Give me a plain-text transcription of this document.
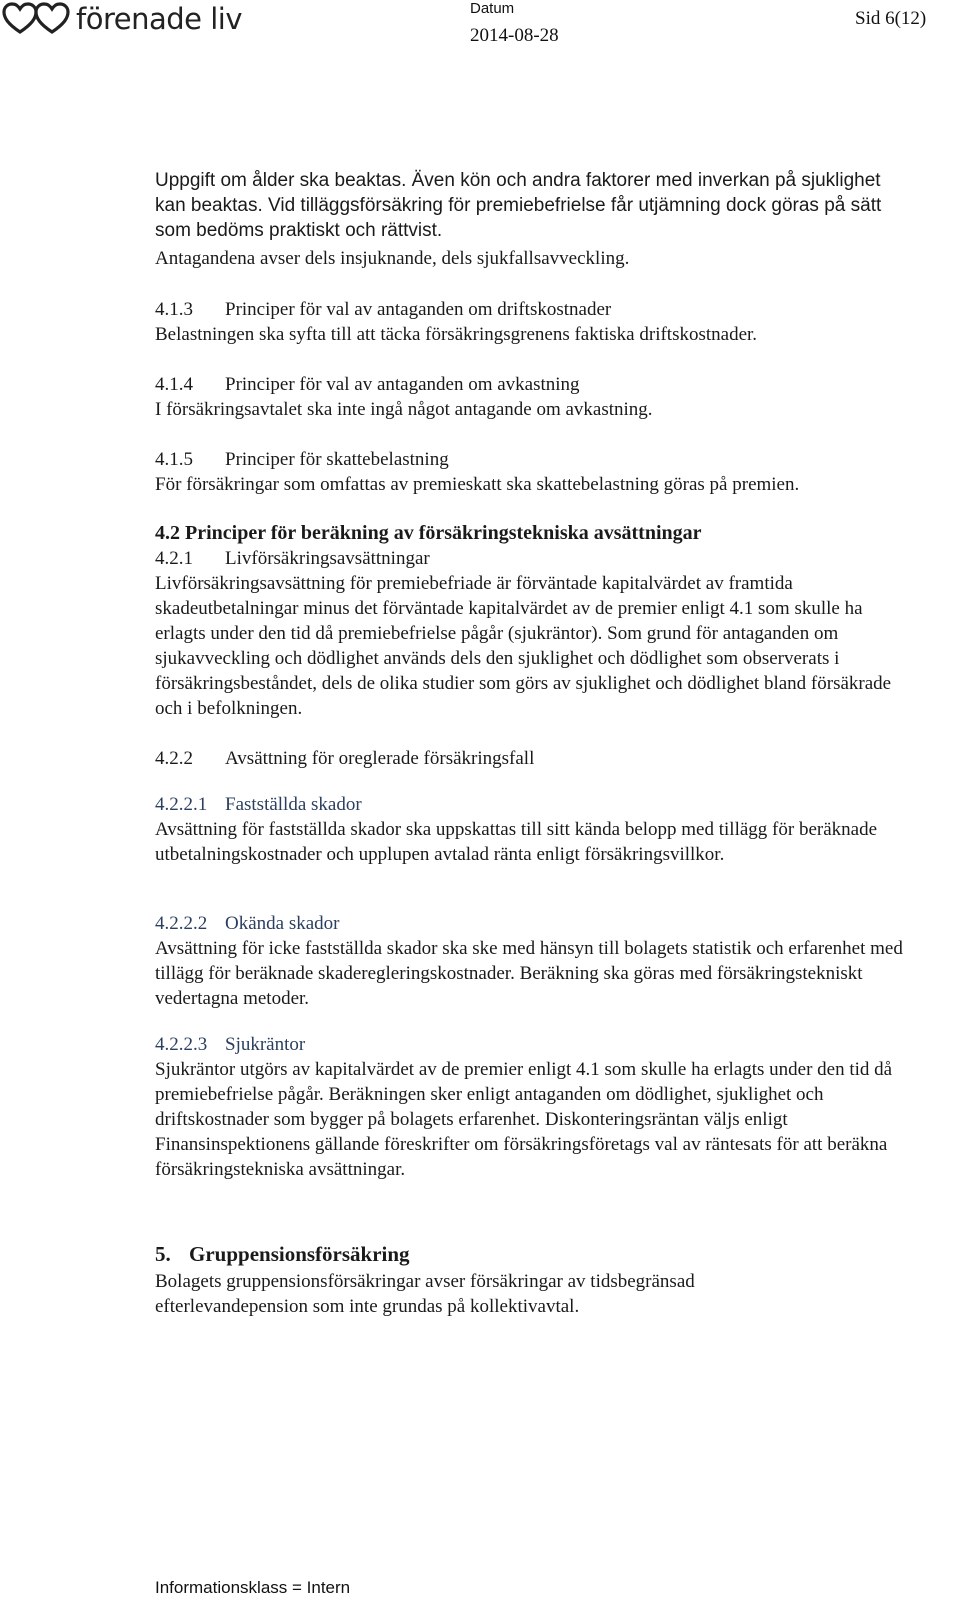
förenade liv	Datum
2014-08-28
Sid 6(12)
Uppgift om ålder ska beaktas. Även kön och andra faktorer med inverkan på sjuklighet kan beaktas. Vid tilläggsförsäkring för premiebefrielse får utjämning dock göras på sätt som bedöms praktiskt och rättvist.
Antagandena avser dels insjuknande, dels sjukfallsavveckling.
4.1.3 Principer för val av antaganden om driftskostnader
Belastningen ska syfta till att täcka försäkringsgrenens faktiska driftskostnader.
4.1.4 Principer för val av antaganden om avkastning
I försäkringsavtalet ska inte ingå något antagande om avkastning.
4.1.5 Principer för skattebelastning
För försäkringar som omfattas av premieskatt ska skattebelastning göras på premien.
4.2 Principer för beräkning av försäkringstekniska avsättningar
4.2.1 Livförsäkringsavsättningar
Livförsäkringsavsättning för premiebefriade är förväntade kapitalvärdet av framtida skadeutbetalningar minus det förväntade kapitalvärdet av de premier enligt 4.1 som skulle ha erlagts under den tid då premiebefrielse pågår (sjukräntor). Som grund för antaganden om sjukavveckling och dödlighet används dels den sjuklighet och dödlighet som observerats i försäkringsbeståndet, dels de olika studier som görs av sjuklighet och dödlighet bland försäkrade och i befolkningen.
4.2.2 Avsättning för oreglerade försäkringsfall
4.2.2.1 Fastställda skador
Avsättning för fastställda skador ska uppskattas till sitt kända belopp med tillägg för beräknade utbetalningskostnader och upplupen avtalad ränta enligt försäkringsvillkor.
4.2.2.2 Okända skador
Avsättning för icke fastställda skador ska ske med hänsyn till bolagets statistik och erfarenhet med tillägg för beräknade skaderegleringskostnader. Beräkning ska göras med försäkringstekniskt vedertagna metoder.
4.2.2.3 Sjukräntor
Sjukräntor utgörs av kapitalvärdet av de premier enligt 4.1 som skulle ha erlagts under den tid då premiebefrielse pågår. Beräkningen sker enligt antaganden om dödlighet, sjuklighet och driftskostnader som bygger på bolagets erfarenhet. Diskonteringsräntan väljs enligt Finansinspektionens gällande föreskrifter om försäkringsföretags val av räntesats för att beräkna försäkringstekniska avsättningar.
5. Gruppensionsförsäkring
Bolagets gruppensionsförsäkringar avser försäkringar av tidsbegränsad efterlevandepension som inte grundas på kollektivavtal.
Informationsklass = Intern
